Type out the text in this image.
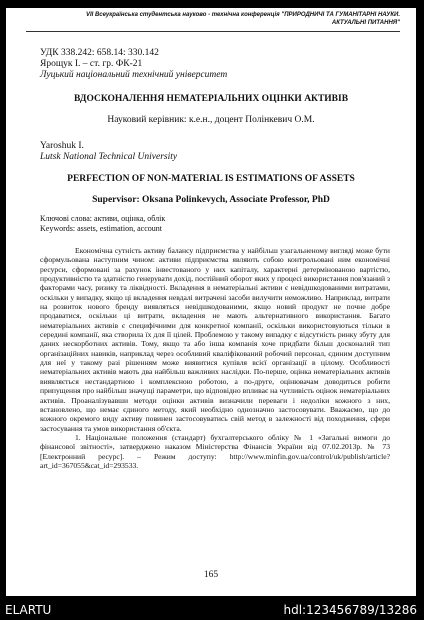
VII Всеукраїнська студентська науково - технічна конференція "ПРИРОДНИЧІ ТА ГУМАНІТАРНІ НАУКИ.
АКТУАЛЬНІ ПИТАННЯ"
УДК 338.242: 658.14: 330.142
Ярощук І. – ст. гр. ФК-21
Луцький національний технічний університет
ВДОСКОНАЛЕННЯ НЕМАТЕРІАЛЬНИХ ОЦІНКИ АКТИВІВ
Науковий керівник: к.е.н., доцент Полінкевич О.М.
Yaroshuk I.
Lutsk National Technical University
PERFECTION OF NON-MATERIAL IS ESTIMATIONS OF ASSETS
Supervisor: Oksana Polinkevych, Associate Professor, PhD
Ключові слова: активи, оцінка, облік
Keywords: assets, estimation, account

Економічна сутність активу балансу підприємства у найбільш узагальненому вигляді може бути сформульована наступним чином: активи підприємства являють собою контрольовані ним економічні ресурси, сформовані за рахунок інвестованого у них капіталу, характерні детермінованою вартістю, продуктивністю та здатністю генерувати дохід, постійний оборот яких у процесі використання пов'язаний з факторами часу, ризику та ліквідності. Вкладення в нематеріальні активи є невідшкодованими витратами, оскільки у випадку, якщо ці вкладення невдалі витрачені засоби вилучити неможливо. Наприклад, витрати на розвиток нового бренду виявляться невідшкодованими, якщо новий продукт не почне добре продаватися, оскільки ці витрати, вкладення не мають альтернативного використання. Багато нематеріальних активів є специфічними для конкретної компанії, оскільки використовуються тільки в середині компанії, яка створила їх для її цілей. Проблемою у такому випадку є відсутність ринку збуту для даних нескорботних активів. Тому, якщо та або інша компанія хоче придбати більш досконалий тип організаційних навиків, наприклад через особливий кваліфікований робочий персонал, єдиним доступним для неї у такому разі рішенням може виявитися купівля всієї організації в цілому. Особливості нематеріальних активів мають два найбільш важливих наслідки. По-перше, оцінка нематеріальних активів виявляється нестандартною і комплексною роботою, а по-друге, оцінювачам доводиться робити припущення про найбільш значущі параметри, що відповідно впливає на чутливість оцінок нематеріальних активів. Проаналізувавши методи оцінки активів визначили переваги і недоліки кожного з них, встановлено, що немає єдиного методу, який необхідно однозначно застосовувати. Вважаємо, що до кожного окремого виду активу повинен застосовуватись свій метод в залежності від походження, сфери застосування та умов використання об'єкта.

1. Національне положення (стандарт) бухгалтерського обліку № 1 «Загальні вимоги до фінансової звітності», затверджено наказом Міністерства Фінансів України від 07.02.2013р. № 73 [Електронний ресурс]. – Режим доступу: http://www.minfin.gov.ua/control/uk/publish/article?art_id=367055&cat_id=293533.

165
ELARTU	hdl:123456789/13286
